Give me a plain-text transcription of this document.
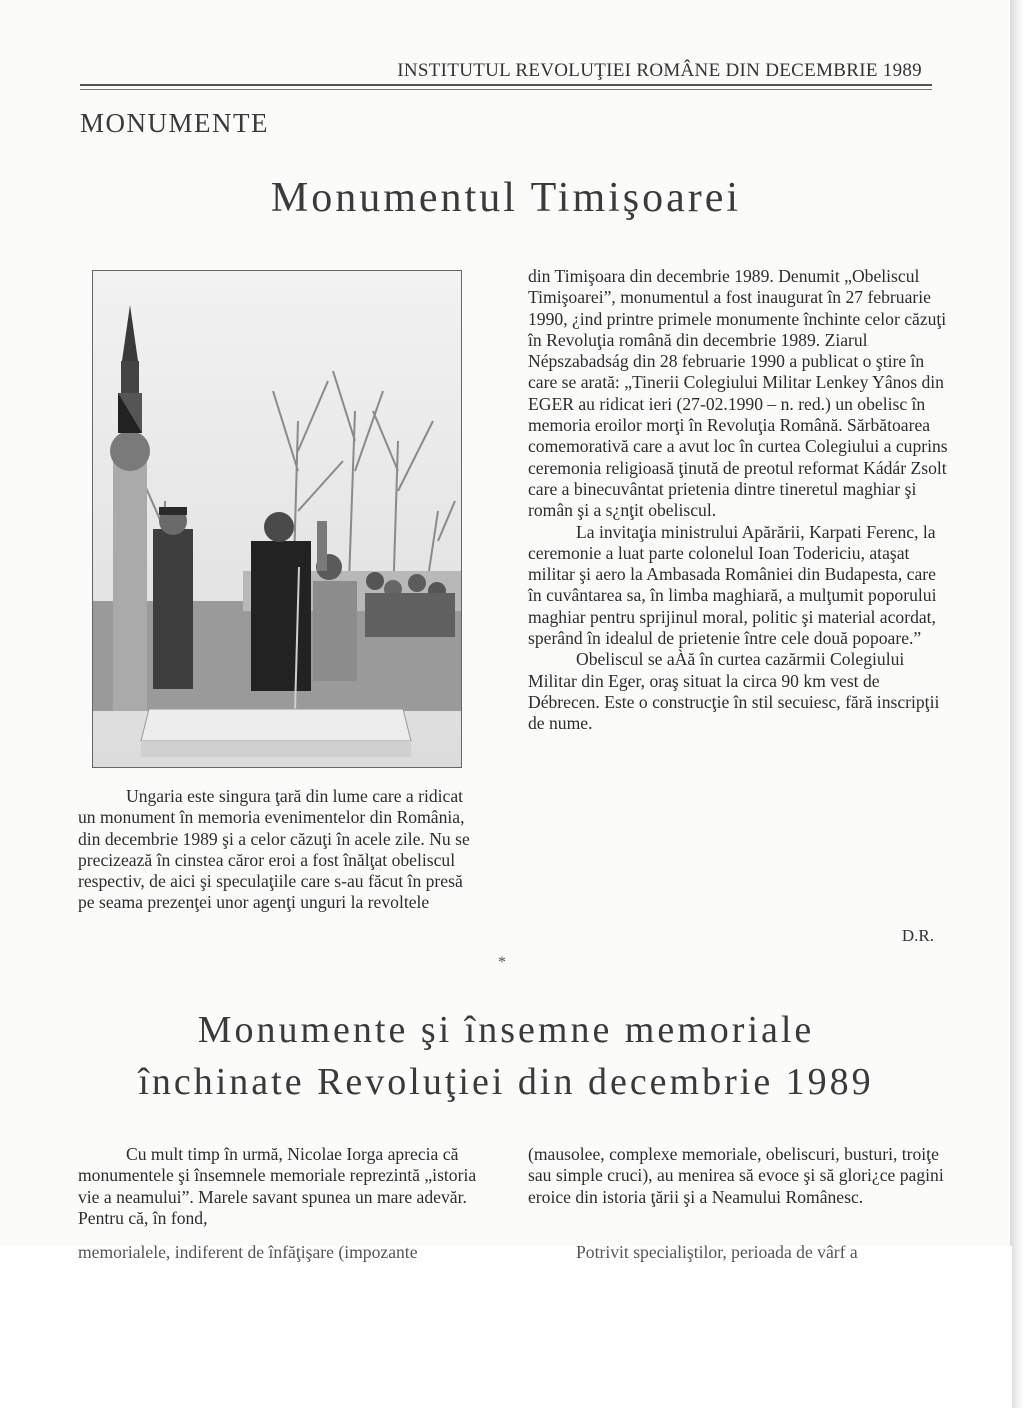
INSTITUTUL REVOLUŢIEI ROMÂNE DIN DECEMBRIE 1989
MONUMENTE
Monumentul Timişoarei

Ungaria este singura ţară din lume care a ridicat un monument în memoria evenimentelor din România, din decembrie 1989 şi a celor căzuţi în acele zile. Nu se precizează în cinstea căror eroi a fost înălţat obeliscul respectiv, de aici şi speculaţiile care s-au făcut în presă pe seama prezenţei unor agenţi unguri la revoltele

din Timişoara din decembrie 1989. Denumit „Obeliscul Timişoarei”, monumentul a fost inaugurat în 27 februarie 1990, ¿ind printre primele monumente închinte celor căzuţi în Revoluţia română din decembrie 1989. Ziarul Népszabadság din 28 februarie 1990 a publicat o ştire în care se arată: „Tinerii Colegiului Militar Lenkey Yânos din EGER au ridicat ieri (27-02.1990 – n. red.) un obelisc în memoria eroilor morţi în Revoluţia Română. Sărbătoarea comemorativă care a avut loc în curtea Colegiului a cuprins ceremonia religioasă ţinută de preotul reformat Kádár Zsolt care a binecuvântat prietenia dintre tineretul maghiar şi român şi a s¿nţit obeliscul.

La invitaţia ministrului Apărării, Karpati Ferenc, la ceremonie a luat parte colonelul Ioan Todericiu, ataşat militar şi aero la Ambasada României din Budapesta, care în cuvântarea sa, în limba maghiară, a mulţumit poporului maghiar pentru sprijinul moral, politic şi material acordat, sperând în idealul de prietenie între cele două popoare.”

Obeliscul se aÀă în curtea cazărmii Colegiului Militar din Eger, oraş situat la circa 90 km vest de Débrecen. Este o construcţie în stil secuiesc, fără inscripţii de nume.

D.R.
*
Monumente şi însemne memoriale
închinate Revoluţiei din decembrie 1989

Cu mult timp în urmă, Nicolae Iorga aprecia că monumentele şi însemnele memoriale reprezintă „istoria vie a neamului”. Marele savant spunea un mare adevăr. Pentru că, în fond,

(mausolee, complexe memoriale, obeliscuri, busturi, troiţe sau simple cruci), au menirea să evoce şi să glori¿ce pagini eroice din istoria ţării şi a Neamului Românesc.
